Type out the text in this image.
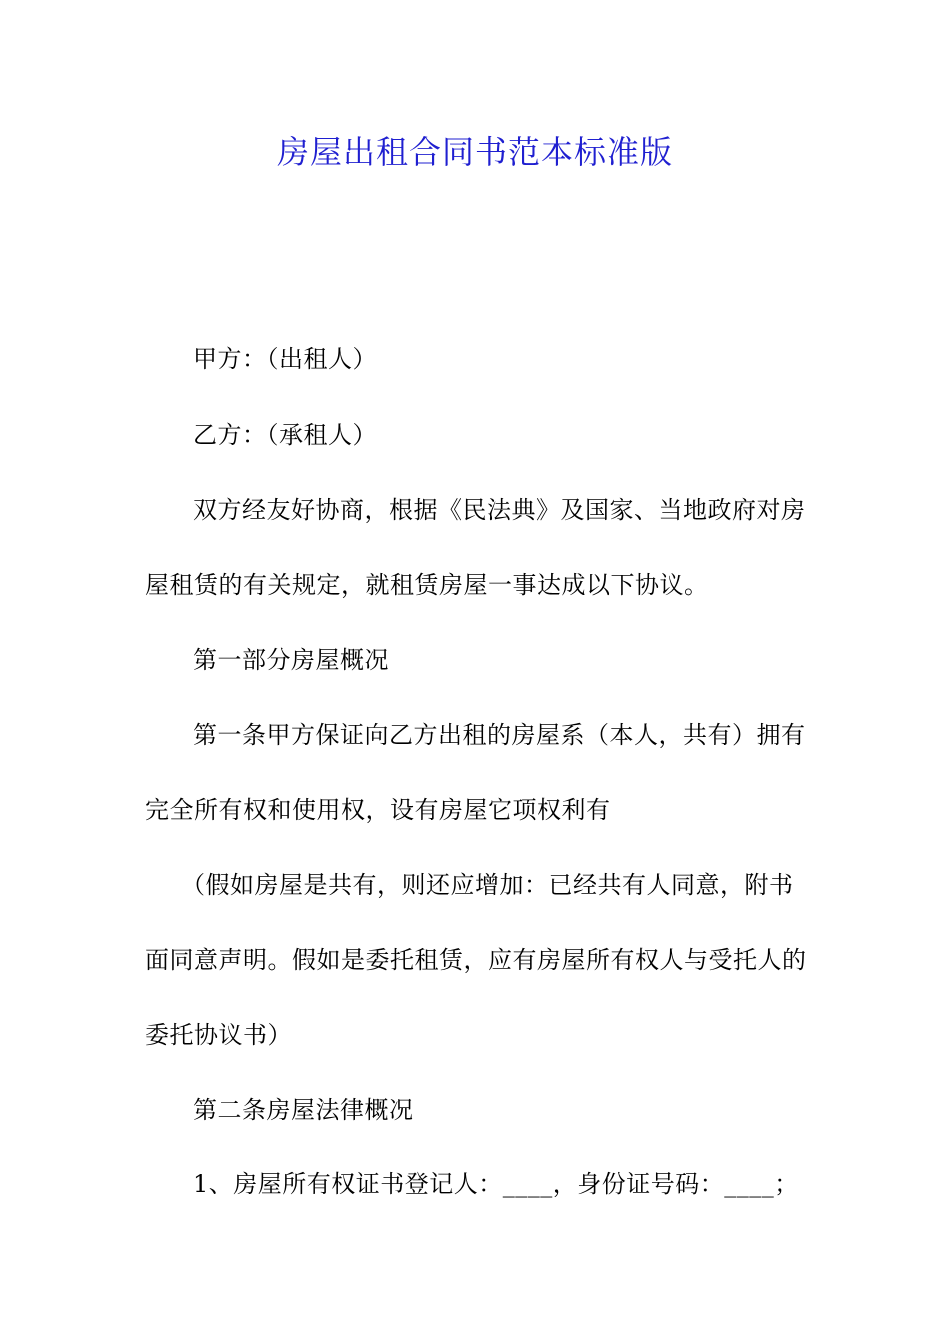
房屋出租合同书范本标准版
甲方：（出租人）
乙方：（承租人）
双方经友好协商，根据《民法典》及国家、当地政府对房
屋租赁的有关规定，就租赁房屋一事达成以下协议。
第一部分房屋概况
第一条甲方保证向乙方出租的房屋系（本人，共有）拥有
完全所有权和使用权，设有房屋它项权利有
（假如房屋是共有，则还应增加：已经共有人同意，附书
面同意声明。假如是委托租赁，应有房屋所有权人与受托人的
委托协议书）
第二条房屋法律概况
1、房屋所有权证书登记人：____，身份证号码：____；
